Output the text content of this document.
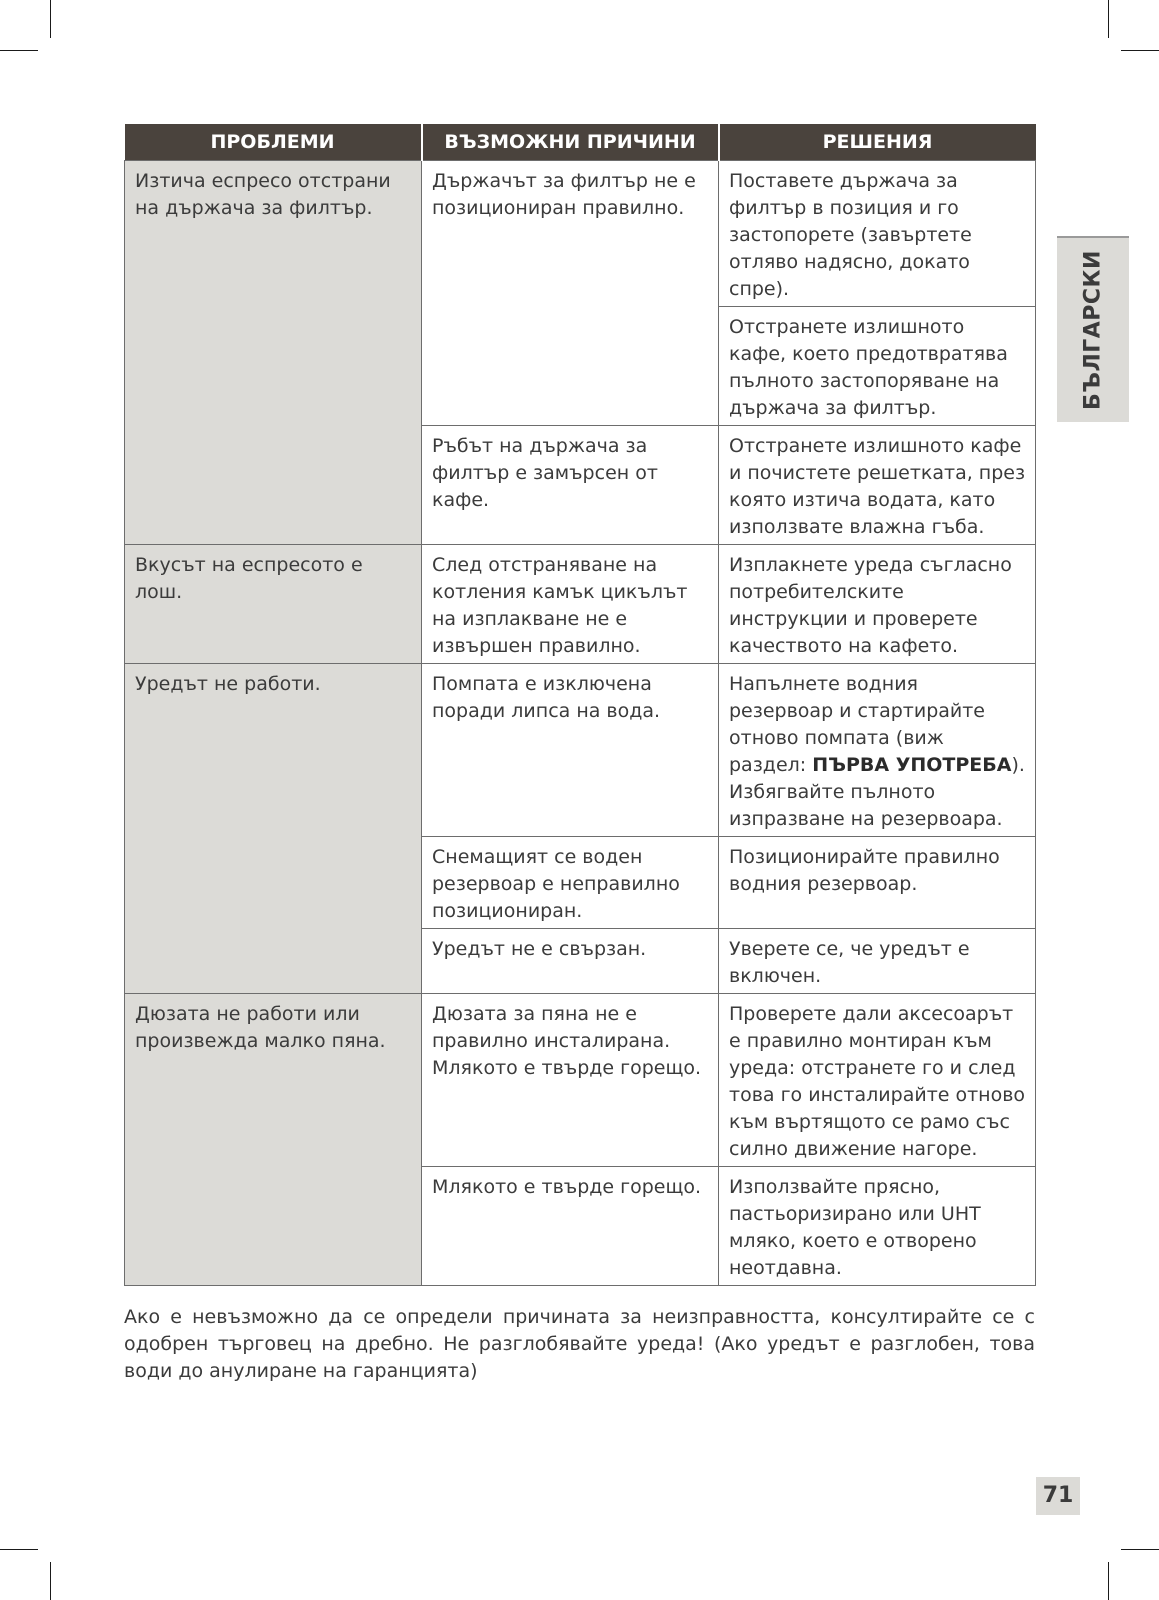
ПРОБЛЕМИ	ВЪЗМОЖНИ ПРИЧИНИ	РЕШЕНИЯ
Изтича еспресо отстрани на държача за филтър.	Държачът за филтър не е позициониран правилно.	Поставете държача за филтър в позиция и го застопорете (завъртете отляво надясно, докато спре).
		Отстранете излишното кафе, което предотвратява пълното застопоряване на държача за филтър.
	Ръбът на държача за филтър е замърсен от кафе.	Отстранете излишното кафе и почистете решетката, през която изтича водата, като използвате влажна гъба.
Вкусът на еспресото е лош.	След отстраняване на котления камък цикълът на изплакване не е извършен правилно.	Изплакнете уреда съгласно потребителските инструкции и проверете качеството на кафето.
Уредът не работи.	Помпата е изключена поради липса на вода.	Напълнете водния резервоар и стартирайте отново помпата (виж раздел: ПЪРВА УПОТРЕБА). Избягвайте пълното изпразване на резервоара.
	Снемащият се воден резервоар е неправилно позициониран.	Позиционирайте правилно водния резервоар.
	Уредът не е свързан.	Уверете се, че уредът е включен.
Дюзата не работи или произвежда малко пяна.	Дюзата за пяна не е правилно инсталирана. Млякото е твърде горещо.	Проверете дали аксесоарът е правилно монтиран към уреда: отстранете го и след това го инсталирайте отново към въртящото се рамо със силно движение нагоре.
	Млякото е твърде горещо.	Използвайте прясно, пастьоризирано или UHT мляко, което е отворено неотдавна.

Ако е невъзможно да се определи причината за неизправността, консултирайте се с одобрен търговец на дребно. Не разглобявайте уреда! (Ако уредът е разглобен, това води до анулиране на гаранцията)

БЪЛГАРСКИ
71
